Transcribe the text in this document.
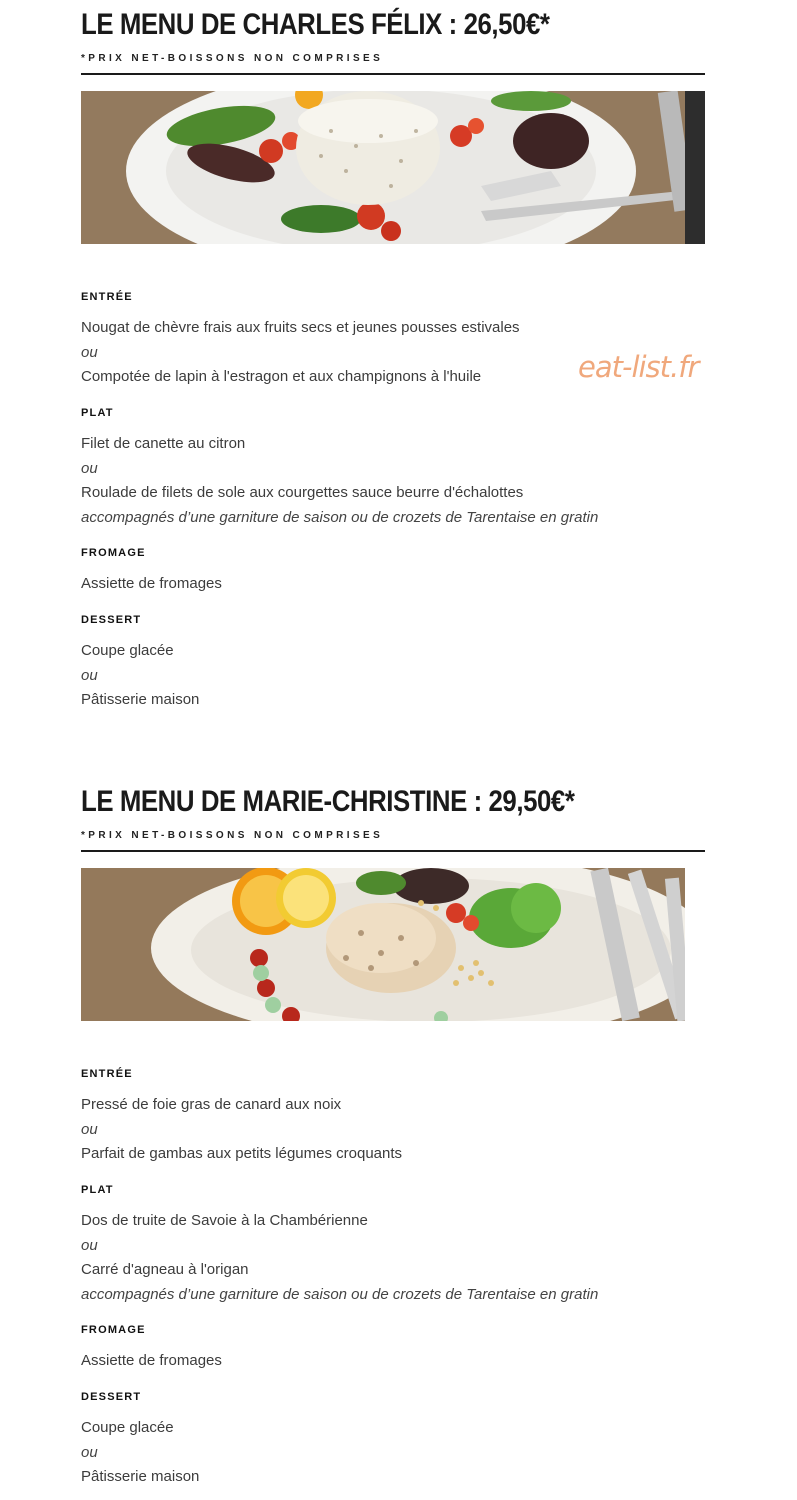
LE MENU DE CHARLES FÉLIX : 26,50€*

*PRIX NET-BOISSONS NON COMPRISES

ENTRÉE
Nougat de chèvre frais aux fruits secs et jeunes pousses estivales
ou
Compotée de lapin à l'estragon et aux champignons à l'huile
PLAT
Filet de canette au citron
ou
Roulade de filets de sole aux courgettes sauce beurre d'échalottes
accompagnés d’une garniture de saison ou de crozets de Tarentaise en gratin
FROMAGE
Assiette de fromages
DESSERT
Coupe glacée
ou
Pâtisserie maison
eat-list.fr
LE MENU DE MARIE-CHRISTINE : 29,50€*

*PRIX NET-BOISSONS NON COMPRISES

ENTRÉE
Pressé de foie gras de canard aux noix
ou
Parfait de gambas aux petits légumes croquants
PLAT
Dos de truite de Savoie à la Chambérienne
ou
Carré d'agneau à l'origan
accompagnés d’une garniture de saison ou de crozets de Tarentaise en gratin
FROMAGE
Assiette de fromages
DESSERT
Coupe glacée
ou
Pâtisserie maison
